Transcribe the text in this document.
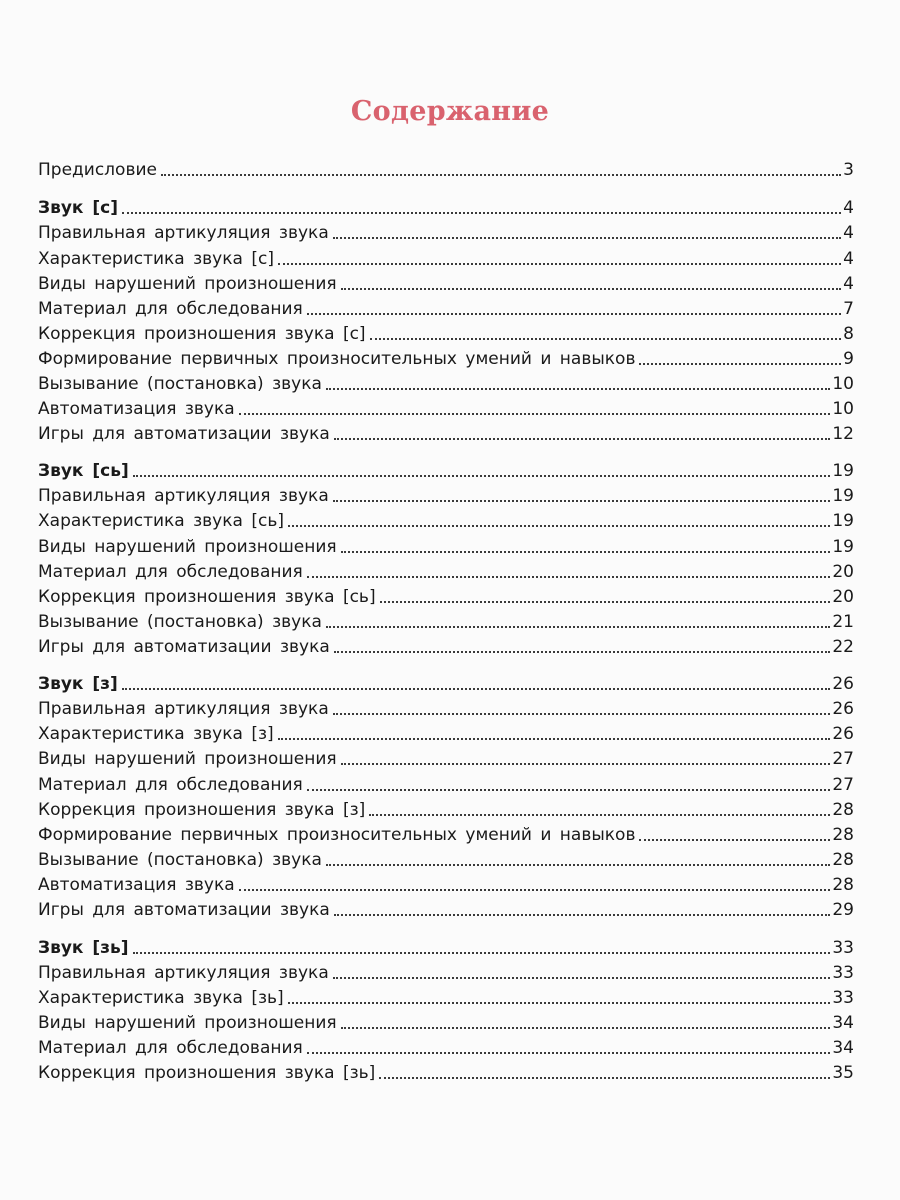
Содержание
Предисловие	3
Звук [с]	4
Правильная артикуляция звука	4
Характеристика звука [с]	4
Виды нарушений произношения	4
Материал для обследования	7
Коррекция произношения звука [с]	8
Формирование первичных произносительных умений и навыков	9
Вызывание (постановка) звука	10
Автоматизация звука	10
Игры для автоматизации звука	12
Звук [сь]	19
Правильная артикуляция звука	19
Характеристика звука [сь]	19
Виды нарушений произношения	19
Материал для обследования	20
Коррекция произношения звука [сь]	20
Вызывание (постановка) звука	21
Игры для автоматизации звука	22
Звук [з]	26
Правильная артикуляция звука	26
Характеристика звука [з]	26
Виды нарушений произношения	27
Материал для обследования	27
Коррекция произношения звука [з]	28
Формирование первичных произносительных умений и навыков	28
Вызывание (постановка) звука	28
Автоматизация звука	28
Игры для автоматизации звука	29
Звук [зь]	33
Правильная артикуляция звука	33
Характеристика звука [зь]	33
Виды нарушений произношения	34
Материал для обследования	34
Коррекция произношения звука [зь]	35
